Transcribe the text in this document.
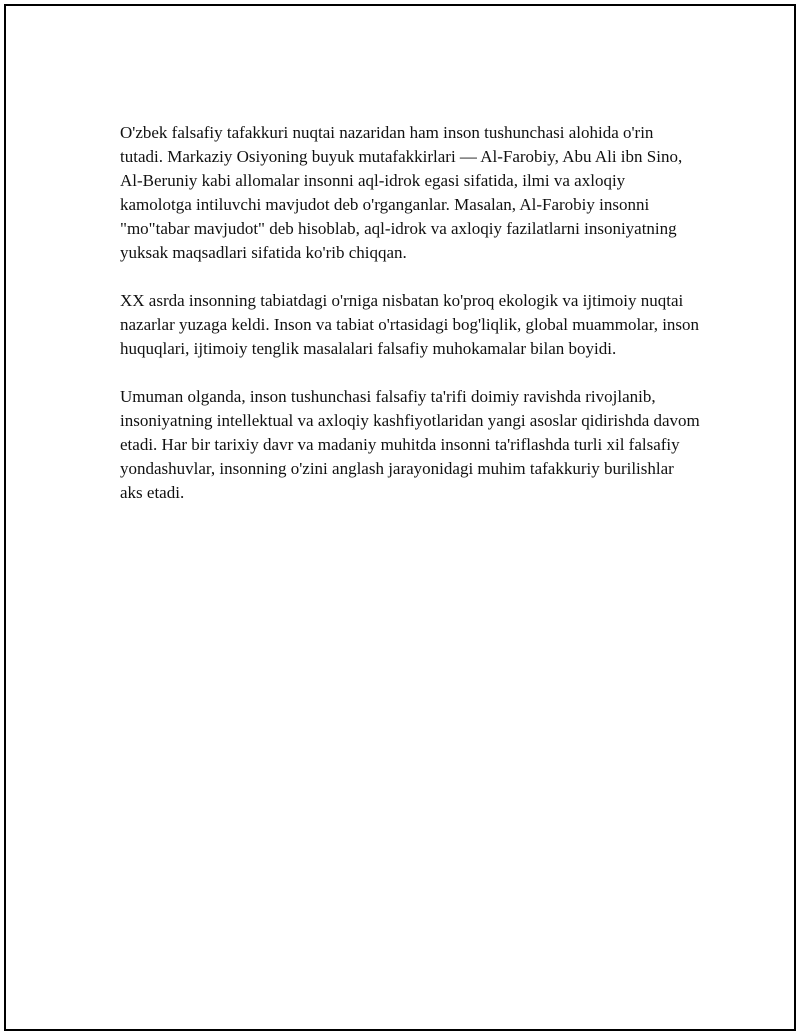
O'zbek falsafiy tafakkuri nuqtai nazaridan ham inson tushunchasi alohida o'rin tutadi. Markaziy Osiyoning buyuk mutafakkirlari — Al-Farobiy, Abu Ali ibn Sino, Al-Beruniy kabi allomalar insonni aql-idrok egasi sifatida, ilmi va axloqiy kamolotga intiluvchi mavjudot deb o'rganganlar. Masalan, Al-Farobiy insonni "mo"tabar mavjudot" deb hisoblab, aql-idrok va axloqiy fazilatlarni insoniyatning yuksak maqsadlari sifatida ko'rib chiqqan.

XX asrda insonning tabiatdagi o'rniga nisbatan ko'proq ekologik va ijtimoiy nuqtai nazarlar yuzaga keldi. Inson va tabiat o'rtasidagi bog'liqlik, global muammolar, inson huquqlari, ijtimoiy tenglik masalalari falsafiy muhokamalar bilan boyidi.

Umuman olganda, inson tushunchasi falsafiy ta'rifi doimiy ravishda rivojlanib, insoniyatning intellektual va axloqiy kashfiyotlaridan yangi asoslar qidirishda davom etadi. Har bir tarixiy davr va madaniy muhitda insonni ta'riflashda turli xil falsafiy yondashuvlar, insonning o'zini anglash jarayonidagi muhim tafakkuriy burilishlar aks etadi.
